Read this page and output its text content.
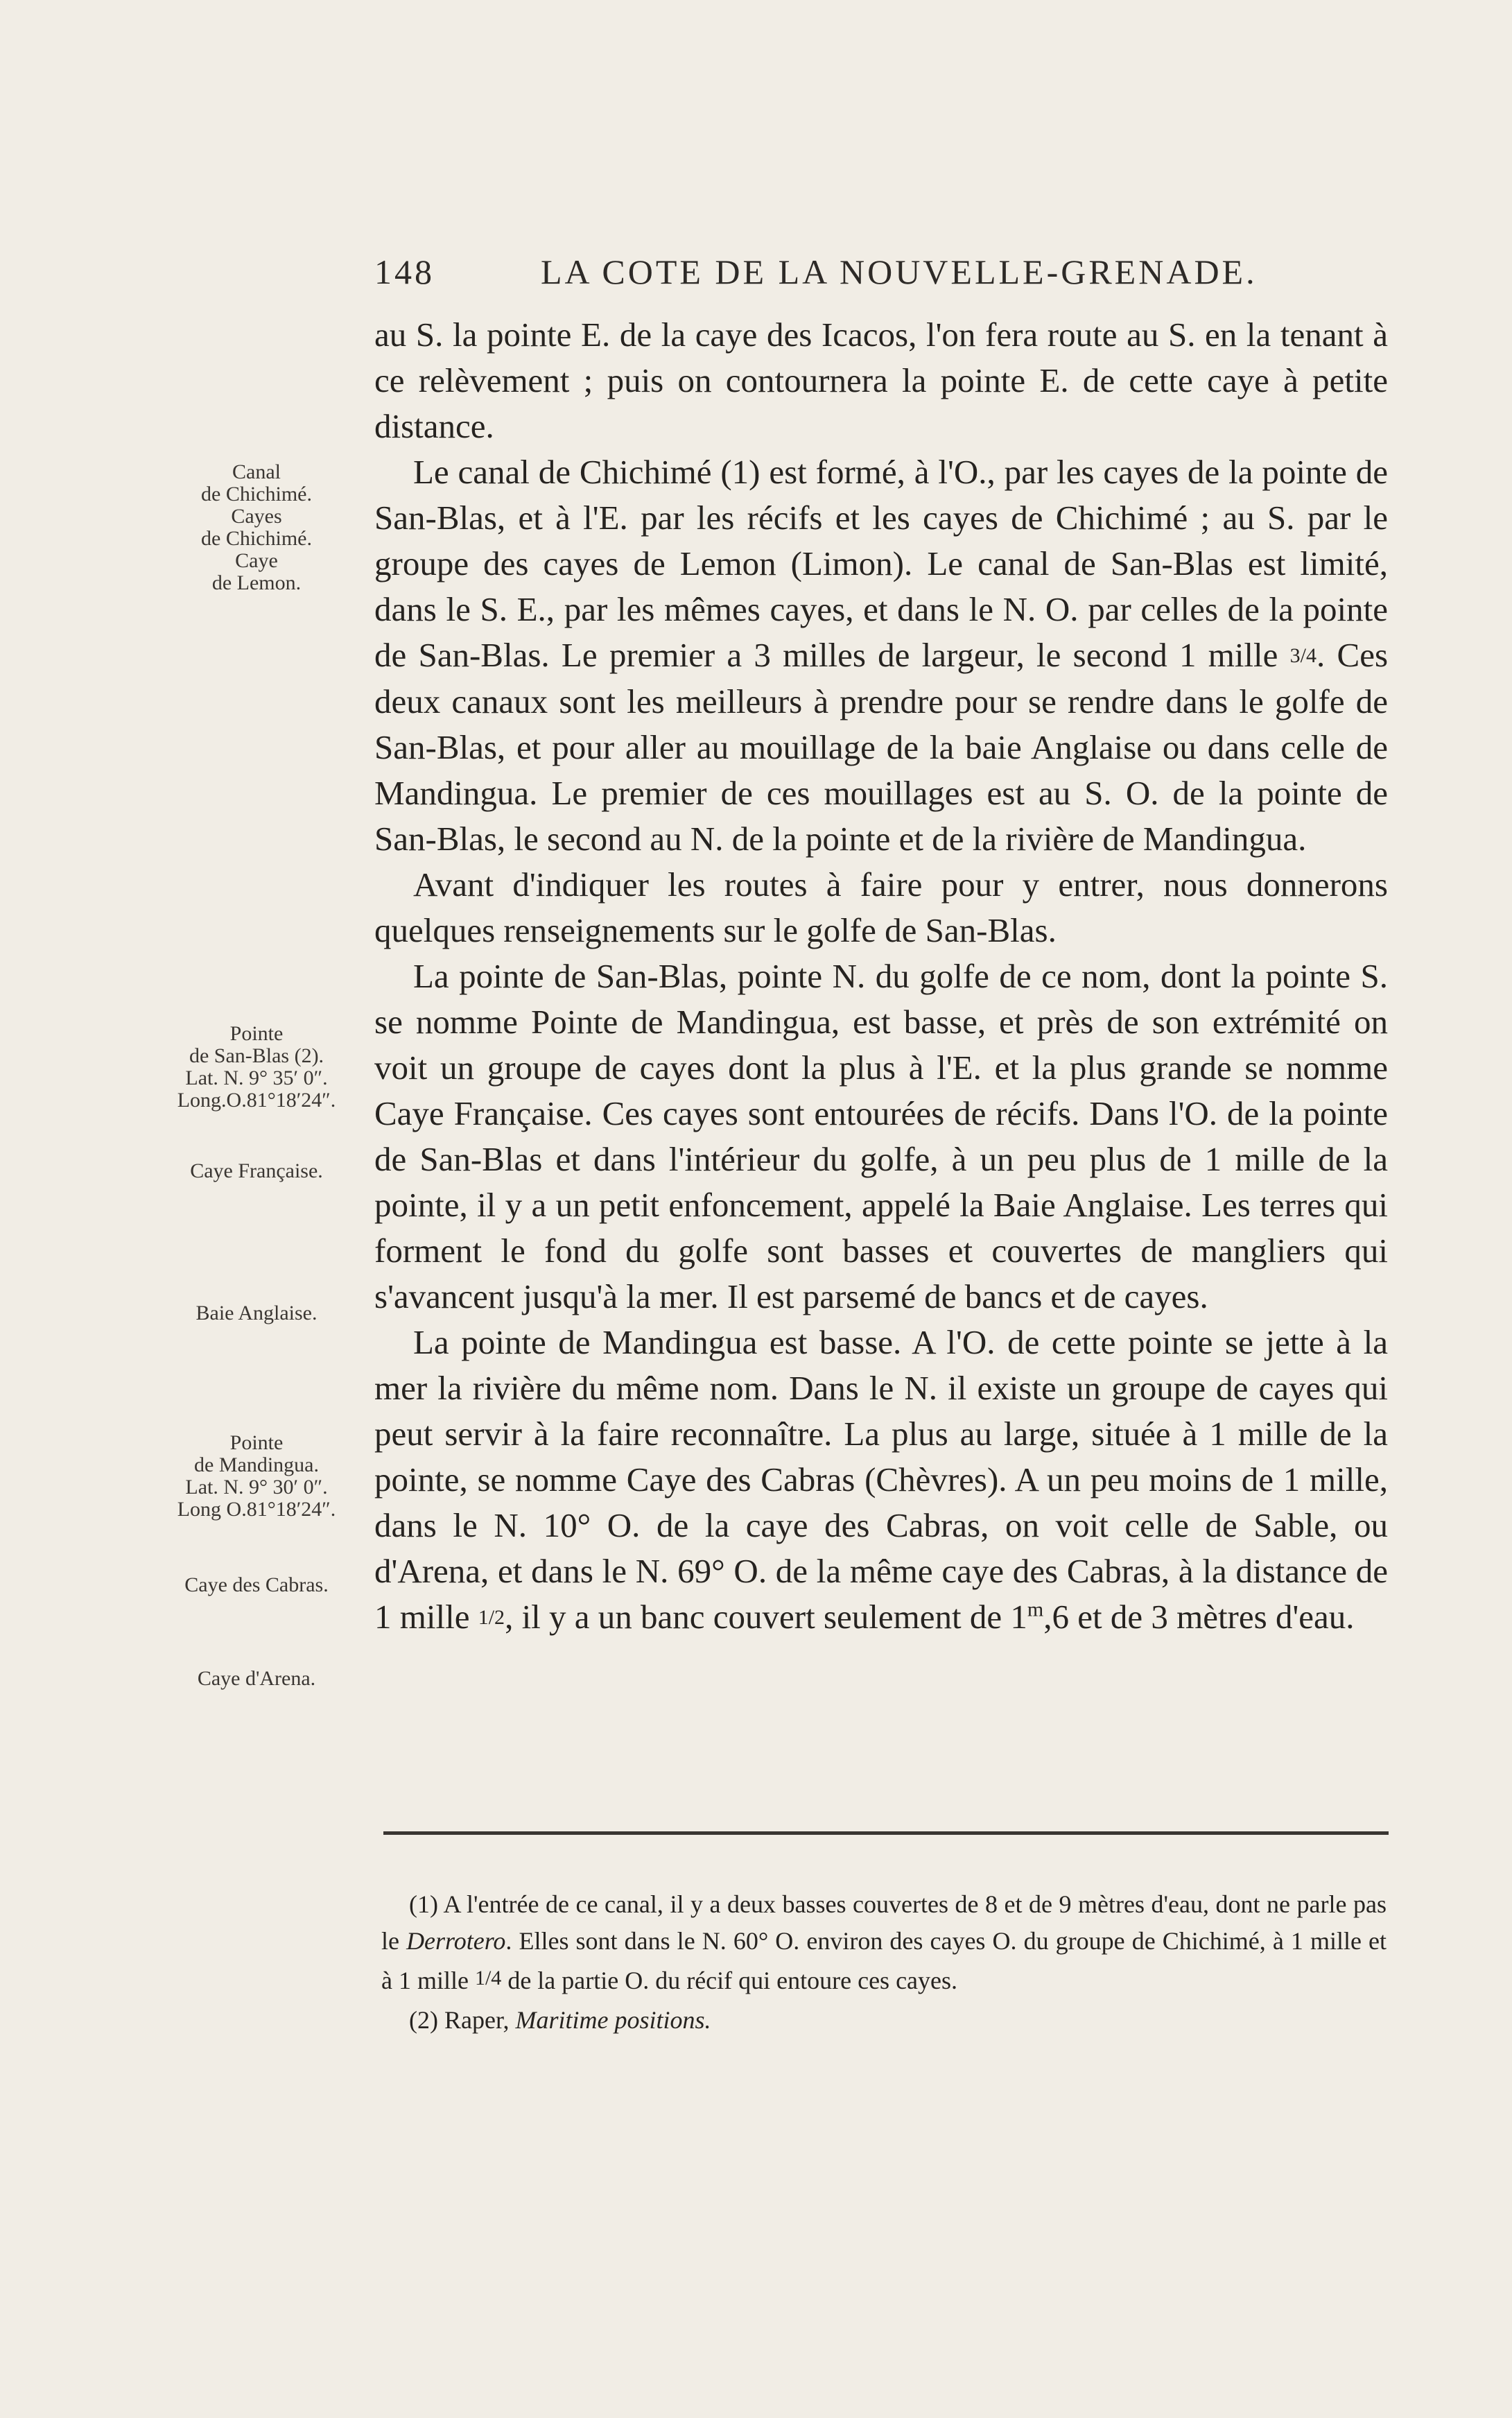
148	LA COTE DE LA NOUVELLE-GRENADE.
Canal
de Chichimé.
Cayes
de Chichimé.
Caye
de Lemon.
Pointe
de San-Blas (2).
Lat. N. 9° 35′ 0″.
Long.O.81°18′24″.
Caye Française.
Baie Anglaise.
Pointe
de Mandingua.
Lat. N. 9° 30′ 0″.
Long O.81°18′24″.
Caye des Cabras.
Caye d'Arena.

au S. la pointe E. de la caye des Icacos, l'on fera route au S. en la tenant à ce relèvement ; puis on contournera la pointe E. de cette caye à petite distance.

Le canal de Chichimé (1) est formé, à l'O., par les cayes de la pointe de San-Blas, et à l'E. par les récifs et les cayes de Chichimé ; au S. par le groupe des cayes de Lemon (Limon). Le canal de San-Blas est limité, dans le S. E., par les mêmes cayes, et dans le N. O. par celles de la pointe de San-Blas. Le premier a 3 milles de largeur, le second 1 mille 3/4. Ces deux canaux sont les meilleurs à prendre pour se rendre dans le golfe de San-Blas, et pour aller au mouillage de la baie Anglaise ou dans celle de Mandingua. Le premier de ces mouillages est au S. O. de la pointe de San-Blas, le second au N. de la pointe et de la rivière de Mandingua.

Avant d'indiquer les routes à faire pour y entrer, nous donnerons quelques renseignements sur le golfe de San-Blas.

La pointe de San-Blas, pointe N. du golfe de ce nom, dont la pointe S. se nomme Pointe de Mandingua, est basse, et près de son extrémité on voit un groupe de cayes dont la plus à l'E. et la plus grande se nomme Caye Française. Ces cayes sont entourées de récifs. Dans l'O. de la pointe de San-Blas et dans l'intérieur du golfe, à un peu plus de 1 mille de la pointe, il y a un petit enfoncement, appelé la Baie Anglaise. Les terres qui forment le fond du golfe sont basses et couvertes de mangliers qui s'avancent jusqu'à la mer. Il est parsemé de bancs et de cayes.

La pointe de Mandingua est basse. A l'O. de cette pointe se jette à la mer la rivière du même nom. Dans le N. il existe un groupe de cayes qui peut servir à la faire reconnaître. La plus au large, située à 1 mille de la pointe, se nomme Caye des Cabras (Chèvres). A un peu moins de 1 mille, dans le N. 10° O. de la caye des Cabras, on voit celle de Sable, ou d'Arena, et dans le N. 69° O. de la même caye des Cabras, à la distance de 1 mille 1/2, il y a un banc couvert seulement de 1$^m$,6 et de 3 mètres d'eau.

(1) A l'entrée de ce canal, il y a deux basses couvertes de 8 et de 9 mètres d'eau, dont ne parle pas le Derrotero. Elles sont dans le N. 60° O. environ des cayes O. du groupe de Chichimé, à 1 mille et à 1 mille 1/4 de la partie O. du récif qui entoure ces cayes.

(2) Raper, Maritime positions.
